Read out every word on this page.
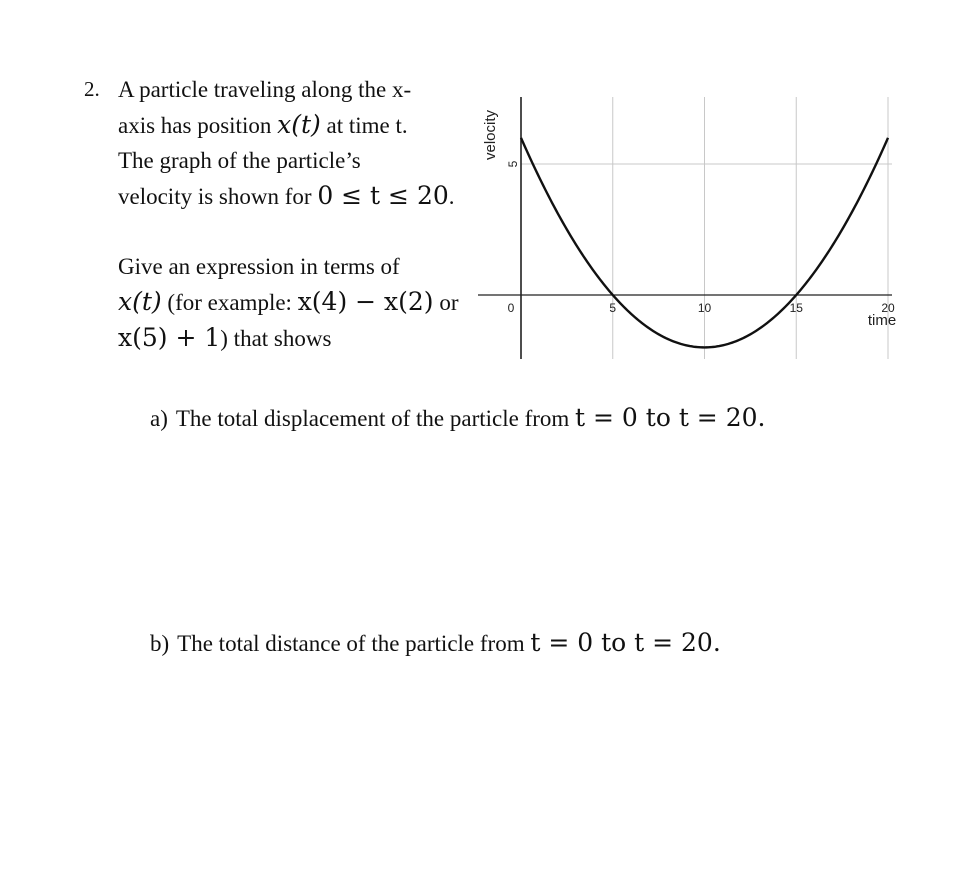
2. A particle traveling along the x-
axis has position x(t) at time t.
The graph of the particle’s
velocity is shown for 0 ≤ t ≤ 20.
Give an expression in terms of
x(t) (for example: x(4) − x(2) or
x(5) + 1) that shows
0	5	10	15	20
5
time
velocity
a) The total displacement of the particle from t = 0 to t = 20.
b) The total distance of the particle from t = 0 to t = 20.
